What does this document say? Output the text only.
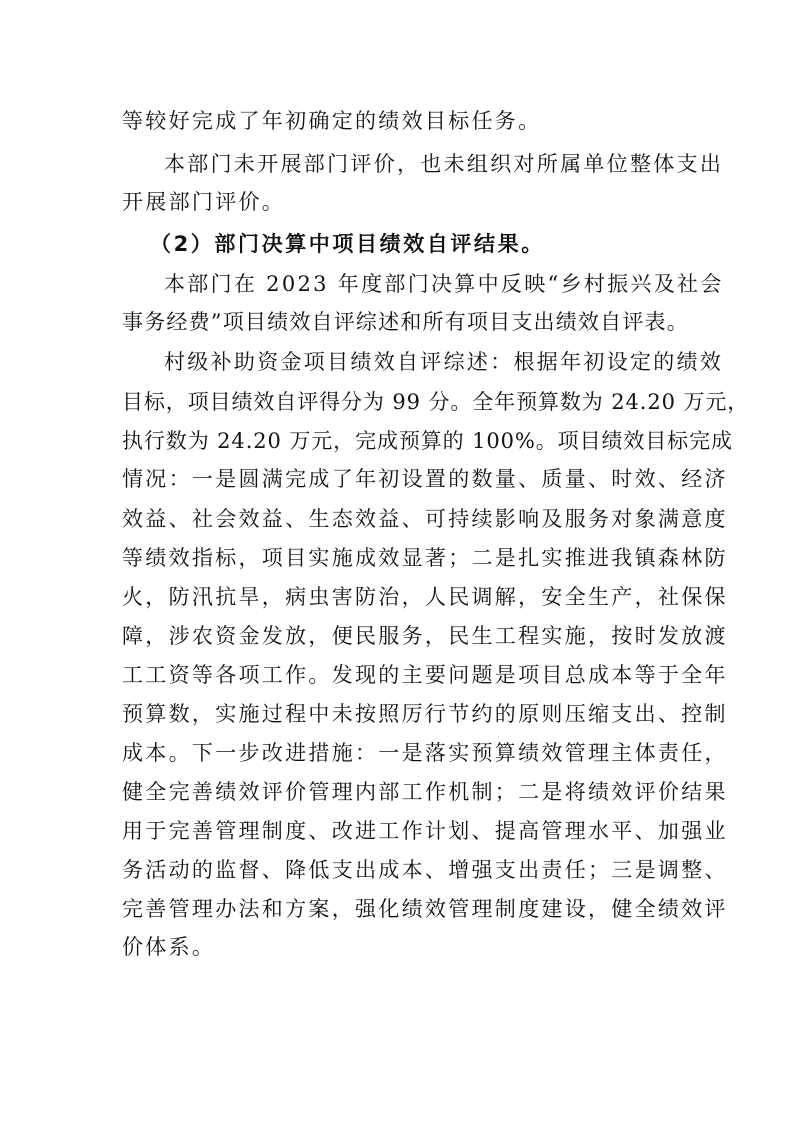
等较好完成了年初确定的绩效目标任务。
本部门未开展部门评价，也未组织对所属单位整体支出
开展部门评价。
（2）部门决算中项目绩效自评结果。
本部门在 2023 年度部门决算中反映“乡村振兴及社会
事务经费”项目绩效自评综述和所有项目支出绩效自评表。
村级补助资金项目绩效自评综述：根据年初设定的绩效
目标，项目绩效自评得分为 99 分。全年预算数为 24.20 万元，
执行数为 24.20 万元，完成预算的 100%。项目绩效目标完成
情况：一是圆满完成了年初设置的数量、质量、时效、经济
效益、社会效益、生态效益、可持续影响及服务对象满意度
等绩效指标，项目实施成效显著；二是扎实推进我镇森林防
火，防汛抗旱，病虫害防治，人民调解，安全生产，社保保
障，涉农资金发放，便民服务，民生工程实施，按时发放渡
工工资等各项工作。发现的主要问题是项目总成本等于全年
预算数，实施过程中未按照厉行节约的原则压缩支出、控制
成本。下一步改进措施：一是落实预算绩效管理主体责任，
健全完善绩效评价管理内部工作机制；二是将绩效评价结果
用于完善管理制度、改进工作计划、提高管理水平、加强业
务活动的监督、降低支出成本、增强支出责任；三是调整、
完善管理办法和方案，强化绩效管理制度建设，健全绩效评
价体系。
